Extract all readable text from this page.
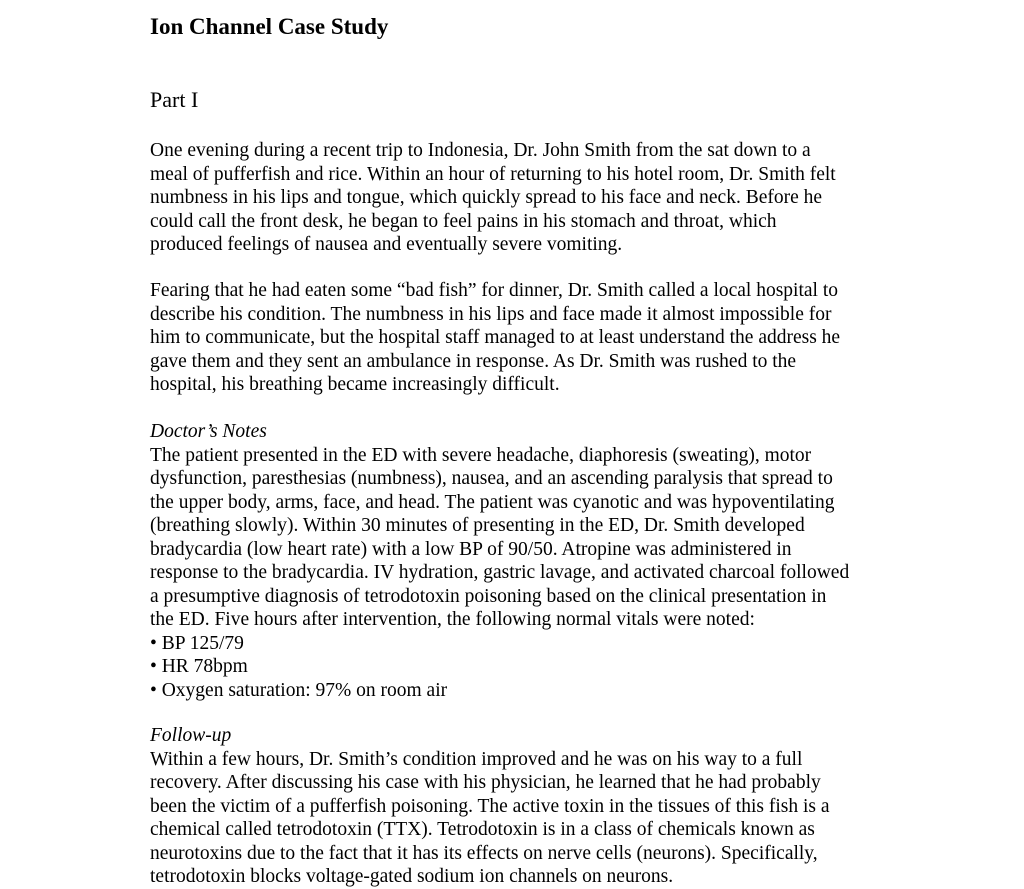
Ion Channel Case Study
Part I
One evening during a recent trip to Indonesia, Dr. John Smith from the sat down to a
meal of pufferfish and rice. Within an hour of returning to his hotel room, Dr. Smith felt
numbness in his lips and tongue, which quickly spread to his face and neck. Before he
could call the front desk, he began to feel pains in his stomach and throat, which
produced feelings of nausea and eventually severe vomiting.
Fearing that he had eaten some “bad fish” for dinner, Dr. Smith called a local hospital to
describe his condition. The numbness in his lips and face made it almost impossible for
him to communicate, but the hospital staff managed to at least understand the address he
gave them and they sent an ambulance in response. As Dr. Smith was rushed to the
hospital, his breathing became increasingly difficult.
Doctor’s Notes
The patient presented in the ED with severe headache, diaphoresis (sweating), motor
dysfunction, paresthesias (numbness), nausea, and an ascending paralysis that spread to
the upper body, arms, face, and head. The patient was cyanotic and was hypoventilating
(breathing slowly). Within 30 minutes of presenting in the ED, Dr. Smith developed
bradycardia (low heart rate) with a low BP of 90/50. Atropine was administered in
response to the bradycardia. IV hydration, gastric lavage, and activated charcoal followed
a presumptive diagnosis of tetrodotoxin poisoning based on the clinical presentation in
the ED. Five hours after intervention, the following normal vitals were noted:
• BP 125/79
• HR 78bpm
• Oxygen saturation: 97% on room air
Follow-up
Within a few hours, Dr. Smith’s condition improved and he was on his way to a full
recovery. After discussing his case with his physician, he learned that he had probably
been the victim of a pufferfish poisoning. The active toxin in the tissues of this fish is a
chemical called tetrodotoxin (TTX). Tetrodotoxin is in a class of chemicals known as
neurotoxins due to the fact that it has its effects on nerve cells (neurons). Specifically,
tetrodotoxin blocks voltage-gated sodium ion channels on neurons.
